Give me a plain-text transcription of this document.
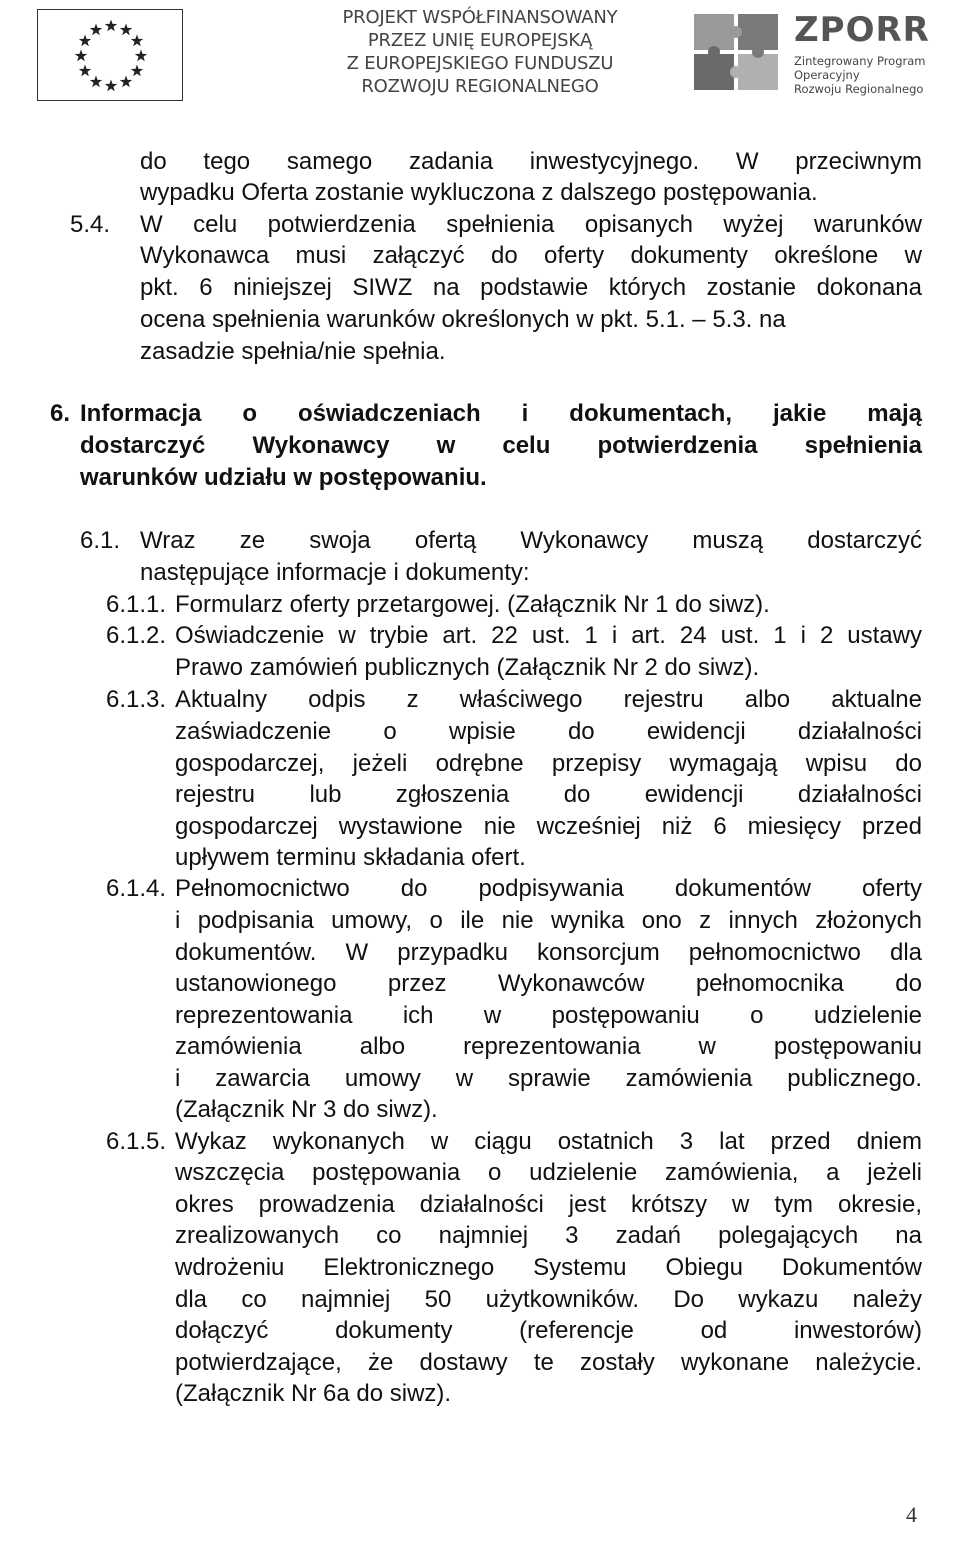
PROJEKT WSPÓŁFINANSOWANY
PRZEZ UNIĘ EUROPEJSKĄ
Z EUROPEJSKIEGO FUNDUSZU
ROZWOJU REGIONALNEGO
ZPORR
Zintegrowany Program
Operacyjny
Rozwoju Regionalnego
do tego samego zadania inwestycyjnego. W przeciwnym
wypadku Oferta zostanie wykluczona z dalszego postępowania.
5.4. W celu potwierdzenia spełnienia opisanych wyżej warunków
Wykonawca musi załączyć do oferty dokumenty określone w
pkt. 6 niniejszej SIWZ na podstawie których zostanie dokonana
ocena spełnienia warunków określonych w pkt. 5.1. – 5.3. na
zasadzie spełnia/nie spełnia.
6. Informacja o oświadczeniach i dokumentach, jakie mają
dostarczyć Wykonawcy w celu potwierdzenia spełnienia
warunków udziału w postępowaniu.
6.1. Wraz ze swoja ofertą Wykonawcy muszą dostarczyć
następujące informacje i dokumenty:
6.1.1. Formularz oferty przetargowej. (Załącznik Nr 1 do siwz).
6.1.2. Oświadczenie w trybie art. 22 ust. 1 i art. 24 ust. 1 i 2 ustawy
Prawo zamówień publicznych (Załącznik Nr 2 do siwz).
6.1.3. Aktualny odpis z właściwego rejestru albo aktualne
zaświadczenie o wpisie do ewidencji działalności
gospodarczej, jeżeli odrębne przepisy wymagają wpisu do
rejestru lub zgłoszenia do ewidencji działalności
gospodarczej wystawione nie wcześniej niż 6 miesięcy przed
upływem terminu składania ofert.
6.1.4. Pełnomocnictwo do podpisywania dokumentów oferty
i podpisania umowy, o ile nie wynika ono z innych złożonych
dokumentów. W przypadku konsorcjum pełnomocnictwo dla
ustanowionego przez Wykonawców pełnomocnika do
reprezentowania ich w postępowaniu o udzielenie
zamówienia albo reprezentowania w postępowaniu
i zawarcia umowy w sprawie zamówienia publicznego.
(Załącznik Nr 3 do siwz).
6.1.5. Wykaz wykonanych w ciągu ostatnich 3 lat przed dniem
wszczęcia postępowania o udzielenie zamówienia, a jeżeli
okres prowadzenia działalności jest krótszy w tym okresie,
zrealizowanych co najmniej 3 zadań polegających na
wdrożeniu Elektronicznego Systemu Obiegu Dokumentów
dla co najmniej 50 użytkowników. Do wykazu należy
dołączyć dokumenty (referencje od inwestorów)
potwierdzające, że dostawy te zostały wykonane należycie.
(Załącznik Nr 6a do siwz).
4
